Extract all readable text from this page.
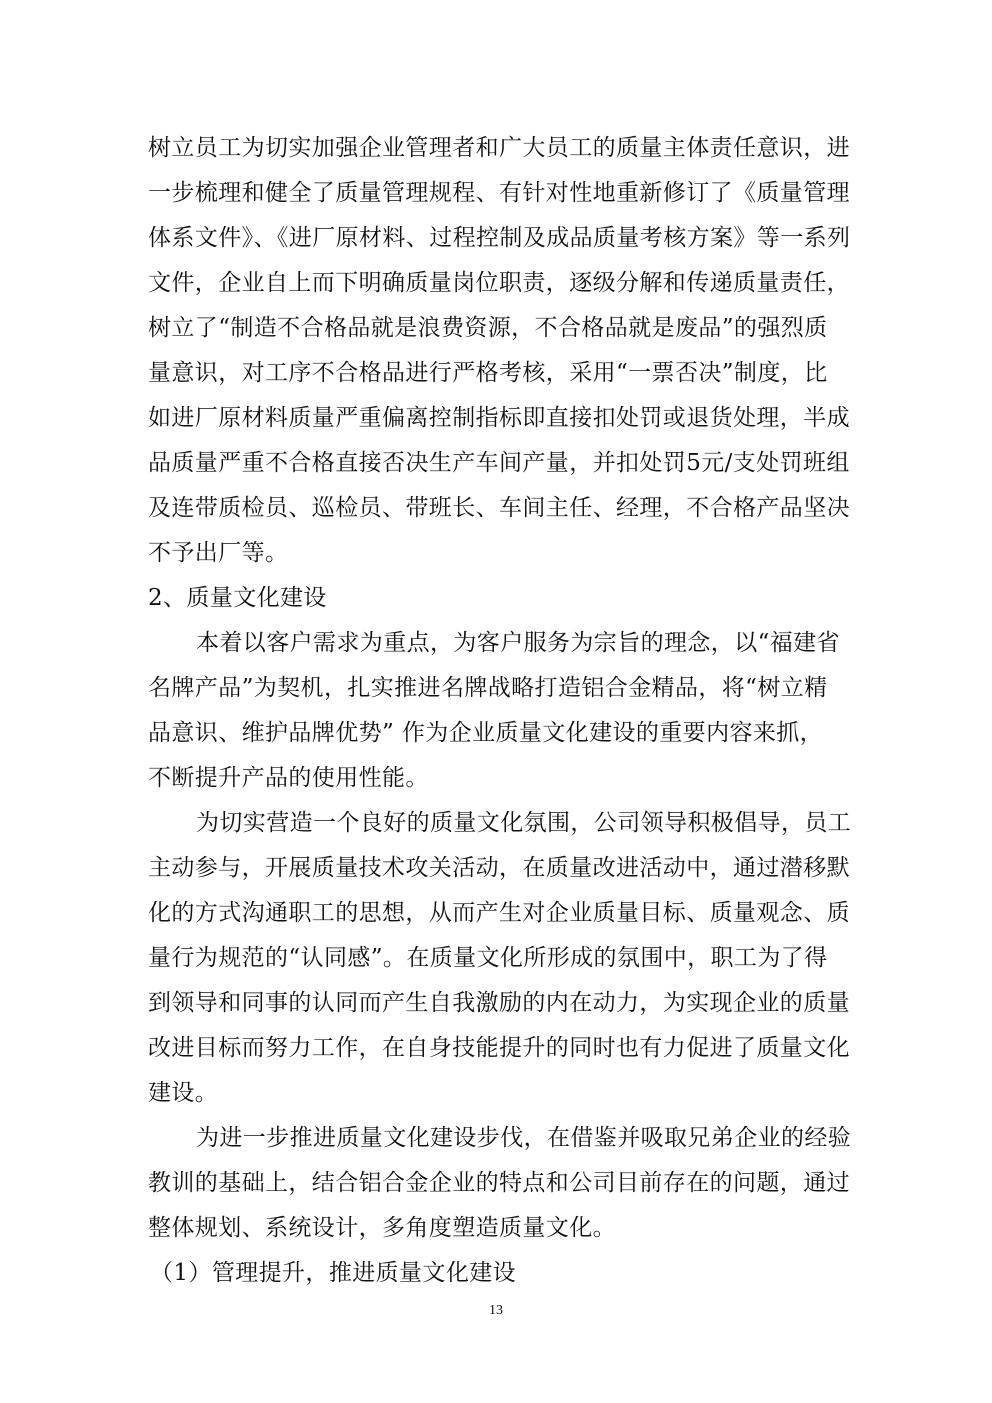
树立员工为切实加强企业管理者和广大员工的质量主体责任意识，进
一步梳理和健全了质量管理规程、有针对性地重新修订了《质量管理
体系文件》、《进厂原材料、过程控制及成品质量考核方案》等一系列
文件，企业自上而下明确质量岗位职责，逐级分解和传递质量责任，
树立了“制造不合格品就是浪费资源，不合格品就是废品”的强烈质
量意识，对工序不合格品进行严格考核，采用“一票否决”制度，比
如进厂原材料质量严重偏离控制指标即直接扣处罚或退货处理，半成
品质量严重不合格直接否决生产车间产量，并扣处罚5元/支处罚班组
及连带质检员、巡检员、带班长、车间主任、经理，不合格产品坚决
不予出厂等。
2、质量文化建设
本着以客户需求为重点，为客户服务为宗旨的理念，以“福建省
名牌产品”为契机，扎实推进名牌战略打造铝合金精品，将“树立精
品意识、维护品牌优势” 作为企业质量文化建设的重要内容来抓，
不断提升产品的使用性能。
为切实营造一个良好的质量文化氛围，公司领导积极倡导，员工
主动参与，开展质量技术攻关活动，在质量改进活动中，通过潜移默
化的方式沟通职工的思想，从而产生对企业质量目标、质量观念、质
量行为规范的“认同感”。在质量文化所形成的氛围中，职工为了得
到领导和同事的认同而产生自我激励的内在动力，为实现企业的质量
改进目标而努力工作，在自身技能提升的同时也有力促进了质量文化
建设。
为进一步推进质量文化建设步伐，在借鉴并吸取兄弟企业的经验
教训的基础上，结合铝合金企业的特点和公司目前存在的问题，通过
整体规划、系统设计，多角度塑造质量文化。
（1）管理提升，推进质量文化建设
13
